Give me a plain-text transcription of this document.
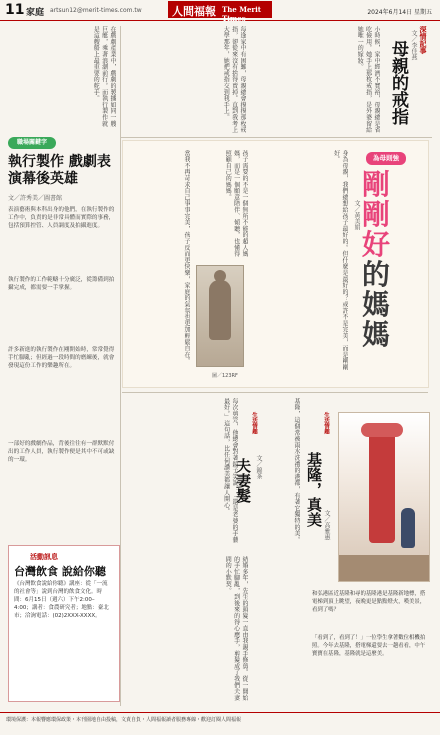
11 家庭 artsun12@merit-times.com.tw	人間福報 The Merit Times
2024年6月14日 星期五
深情記事
文／李佳燕
母親的戒指
小時候，家中經濟不寬裕，母親總是省吃儉用。她手上那枚戒指，是外婆留給她唯一的嫁妝。
每逢家中有困難，母親總會摸摸那枚戒指，卻從來沒有捨得賣掉。直到我考上大學那年，她把戒指交到我手上。
為母則強
剛剛
好
的媽媽
文／黃美娟
身為母親，我們總想給孩子最好的。但什麼是最好的？或許不是完美，而是剛剛好。
孩子需要的不是一個無所不能的超人媽媽，而是一個願意陪伴、傾聽，也懂得照顧自己的媽媽。
當我不再苛求自己事事完美，孩子反而更快樂，家庭的氣氛也更加輕鬆自在。
圖／123RF
在戲劇產業中，戲劇的製播如同一艘巨艇，乘著浪潮前行。而執行製作就是這艘船上最重要的舵手。
職場關鍵字
執行製作 戲劇表演幕後英雄
文／許秀美／圖書館
表演藝術與本科出身的他們，在執行製作的工作中，負責的是非常具體而實際的事務，包括預算控管、人員調度及拍攝進度。
執行製作的工作範疇十分廣泛，從籌備到拍攝完成，都需要一手掌握。
許多新進的執行製作在剛開始時，常常覺得手忙腳亂；但經過一段時間的磨練後，就會發現這份工作的樂趣所在。
一部好的戲劇作品，背後往往有一群默默付出的工作人員，執行製作便是其中不可或缺的一環。
活動訊息
台灣飲食 說給你聽
《台灣飲食說給你聽》講座：從「一流的社會等」說到台灣的飲食文化。時間：6月15日（週六）下午2:00–4:00；講者：食農研究者；地點：臺北市；洽詢電話：(02)2XXX-XXXX。
每次剪完，他總會對著鏡子笑說：「還是老婆的手藝最好。」這句話，比任何讚美都讓人開心。	生活情趣
夫妻髮 文／錦茶
結婚多年，先生的頭髮一直由我親手修剪。從一開始的手忙腳亂，到後來的得心應手，剪髮成了我們夫妻間的小默契。
基隆，這個常被雨水洗禮的港都，有著它獨特的美。	生活情趣
基隆，真美 文／高雅惠
和弘港區近基隆和尋的基隆港是基隆新地標，搭電梯到頂上眺望，夜晚更是點點燈火，嘆美景，看到了嗎？
「看到了，看到了！」一位學生拿著數位相機拍照。今年去基隆，搭電梯還要去一趟看看，中午寶寶在基隆，基隆就是這麼美。
環境保護：本報響應環保政策・本刊園地自由投稿，文責自負・人間福報讀者服務專線・歡迎訂閱人間福報
